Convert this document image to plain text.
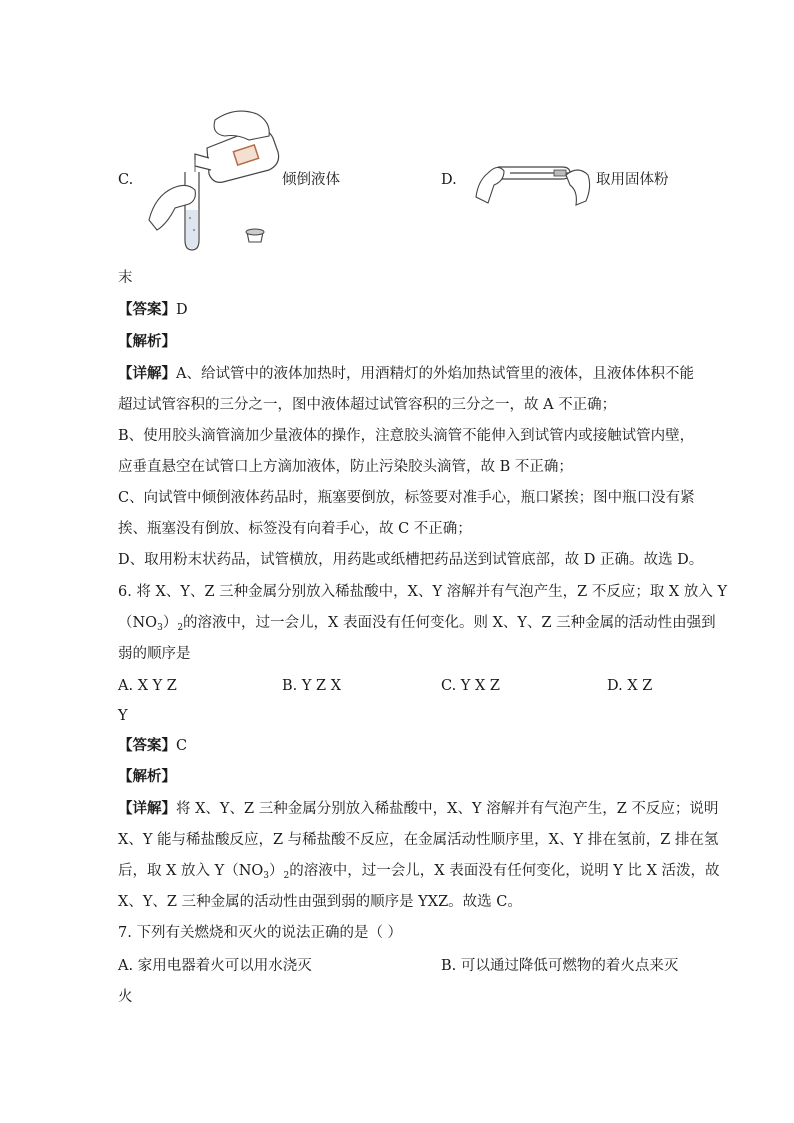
C.	倾倒液体	D.	取用固体粉
末
【答案】D
【解析】
【详解】A、给试管中的液体加热时，用酒精灯的外焰加热试管里的液体，且液体体积不能
超过试管容积的三分之一，图中液体超过试管容积的三分之一，故 A 不正确；
B、使用胶头滴管滴加少量液体的操作，注意胶头滴管不能伸入到试管内或接触试管内壁，
应垂直悬空在试管口上方滴加液体，防止污染胶头滴管，故 B 不正确；
C、向试管中倾倒液体药品时，瓶塞要倒放，标签要对准手心，瓶口紧挨；图中瓶口没有紧
挨、瓶塞没有倒放、标签没有向着手心，故 C 不正确；
D、取用粉末状药品，试管横放，用药匙或纸槽把药品送到试管底部，故 D 正确。故选 D。
6. 将 X、Y、Z 三种金属分别放入稀盐酸中，X、Y 溶解并有气泡产生，Z 不反应；取 X 放入 Y
$(NO_3)_2$的溶液中，过一会儿，X 表面没有任何变化。则 X、Y、Z 三种金属的活动性由强到
弱的顺序是
A. X Y Z	B. Y Z X	C. Y X Z	D. X Z
Y
【答案】C
【解析】
【详解】将 X、Y、Z 三种金属分别放入稀盐酸中，X、Y 溶解并有气泡产生，Z 不反应；说明
X、Y 能与稀盐酸反应，Z 与稀盐酸不反应，在金属活动性顺序里，X、Y 排在氢前，Z 排在氢
后，取 X 放入 $Y(NO_3)_2$的溶液中，过一会儿，X 表面没有任何变化，说明 Y 比 X 活泼，故
X、Y、Z 三种金属的活动性由强到弱的顺序是 YXZ。故选 C。
7. 下列有关燃烧和灭火的说法正确的是（ ）
A. 家用电器着火可以用水浇灭	B. 可以通过降低可燃物的着火点来灭
火
